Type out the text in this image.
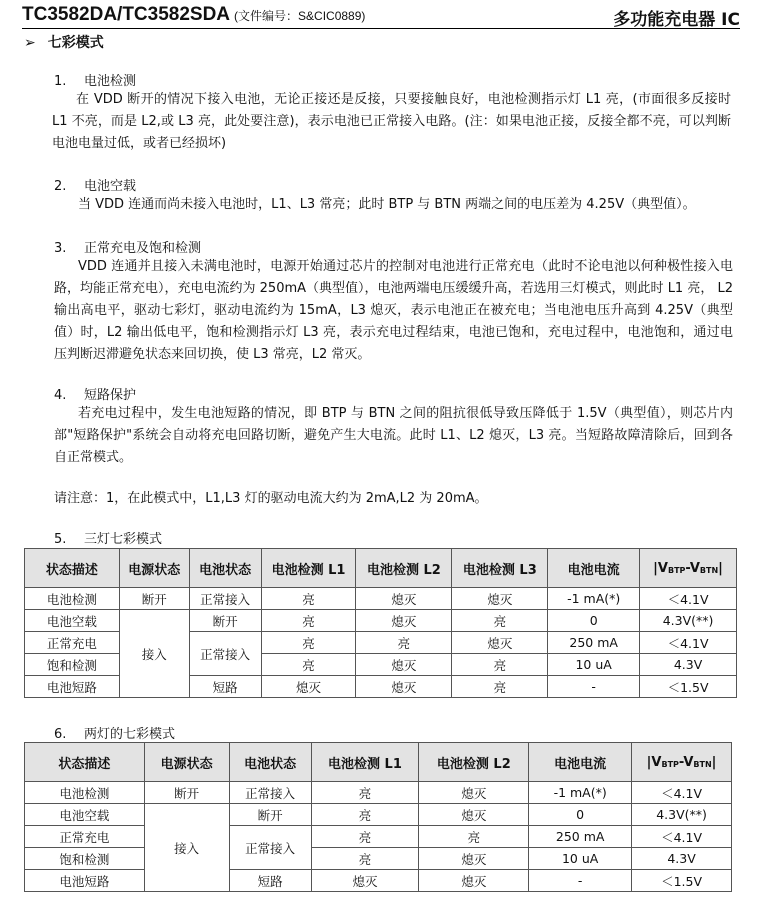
TC3582DA/TC3582SDA (文件编号：S&CIC0889)	多功能充电器 IC
➢ 七彩模式
1. 电池检测
在 VDD 断开的情况下接入电池，无论正接还是反接，只要接触良好，电池检测指示灯 L1 亮，(市面很多反接时 L1 不亮，而是 L2,或 L3 亮，此处要注意)，表示电池已正常接入电路。(注：如果电池正接，反接全都不亮，可以判断电池电量过低，或者已经损坏)
2. 电池空载
当 VDD 连通而尚未接入电池时，L1、L3 常亮；此时 BTP 与 BTN 两端之间的电压差为 4.25V（典型值）。
3. 正常充电及饱和检测
VDD 连通并且接入未满电池时，电源开始通过芯片的控制对电池进行正常充电（此时不论电池以何种极性接入电路，均能正常充电），充电电流约为 250mA（典型值），电池两端电压缓缓升高，若选用三灯模式，则此时 L1 亮， L2 输出高电平，驱动七彩灯，驱动电流约为 15mA，L3 熄灭，表示电池正在被充电；当电池电压升高到 4.25V（典型值）时，L2 输出低电平，饱和检测指示灯 L3 亮，表示充电过程结束，电池已饱和，充电过程中，电池饱和，通过电压判断迟滞避免状态来回切换，使 L3 常亮，L2 常灭。
4. 短路保护
若充电过程中，发生电池短路的情况，即 BTP 与 BTN 之间的阻抗很低导致压降低于 1.5V（典型值），则芯片内部"短路保护"系统会自动将充电回路切断，避免产生大电流。此时 L1、L2 熄灭，L3 亮。当短路故障清除后，回到各自正常模式。
请注意：1，在此模式中，L1,L3 灯的驱动电流大约为 2mA,L2 为 20mA。
5. 三灯七彩模式
状态描述	电源状态	电池状态	电池检测 L1	电池检测 L2	电池检测 L3	电池电流	$|V_{BTP}-V_{BTN}|$
电池检测	断开	正常接入	亮	熄灭	熄灭	-1 mA(*)	＜4.1V
电池空载	接入	断开	亮	熄灭	亮	0	4.3V(**)
正常充电		正常接入	亮	亮	熄灭	250 mA	＜4.1V
饱和检测			亮	熄灭	亮	10 uA	4.3V
电池短路		短路	熄灭	熄灭	亮	-	＜1.5V
6. 两灯的七彩模式
状态描述	电源状态	电池状态	电池检测 L1	电池检测 L2	电池电流	$|V_{BTP}-V_{BTN}|$
电池检测	断开	正常接入	亮	熄灭	-1 mA(*)	＜4.1V
电池空载	接入	断开	亮	熄灭	0	4.3V(**)
正常充电		正常接入	亮	亮	250 mA	＜4.1V
饱和检测			亮	熄灭	10 uA	4.3V
电池短路		短路	熄灭	熄灭	-	＜1.5V
